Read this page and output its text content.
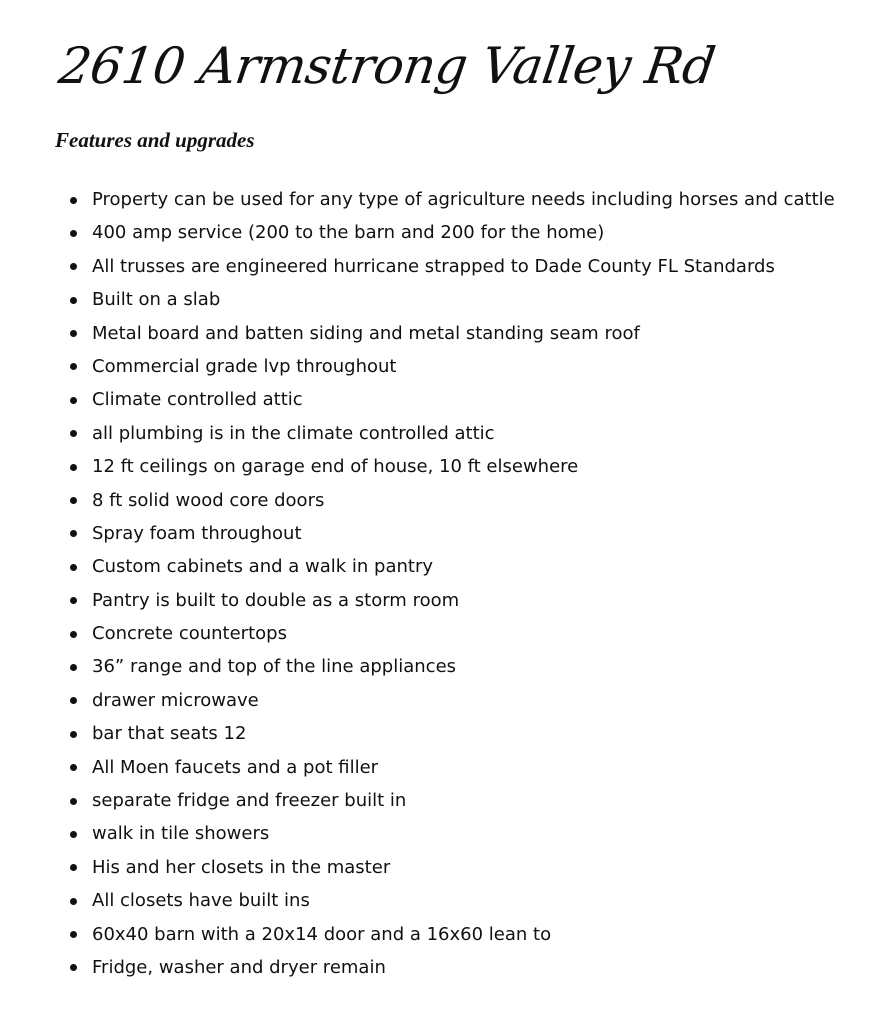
2610 Armstrong Valley Rd
Features and upgrades
Property can be used for any type of agriculture needs including horses and cattle
400 amp service (200 to the barn and 200 for the home)
All trusses are engineered hurricane strapped to Dade County FL Standards
Built on a slab
Metal board and batten siding and metal standing seam roof
Commercial grade lvp throughout
Climate controlled attic
all plumbing is in the climate controlled attic
12 ft ceilings on garage end of house, 10 ft elsewhere
8 ft solid wood core doors
Spray foam throughout
Custom cabinets and a walk in pantry
Pantry is built to double as a storm room
Concrete countertops
36” range and top of the line appliances
drawer microwave
bar that seats 12
All Moen faucets and a pot filler
separate fridge and freezer built in
walk in tile showers
His and her closets in the master
All closets have built ins
60x40 barn with a 20x14 door and a 16x60 lean to
Fridge, washer and dryer remain
